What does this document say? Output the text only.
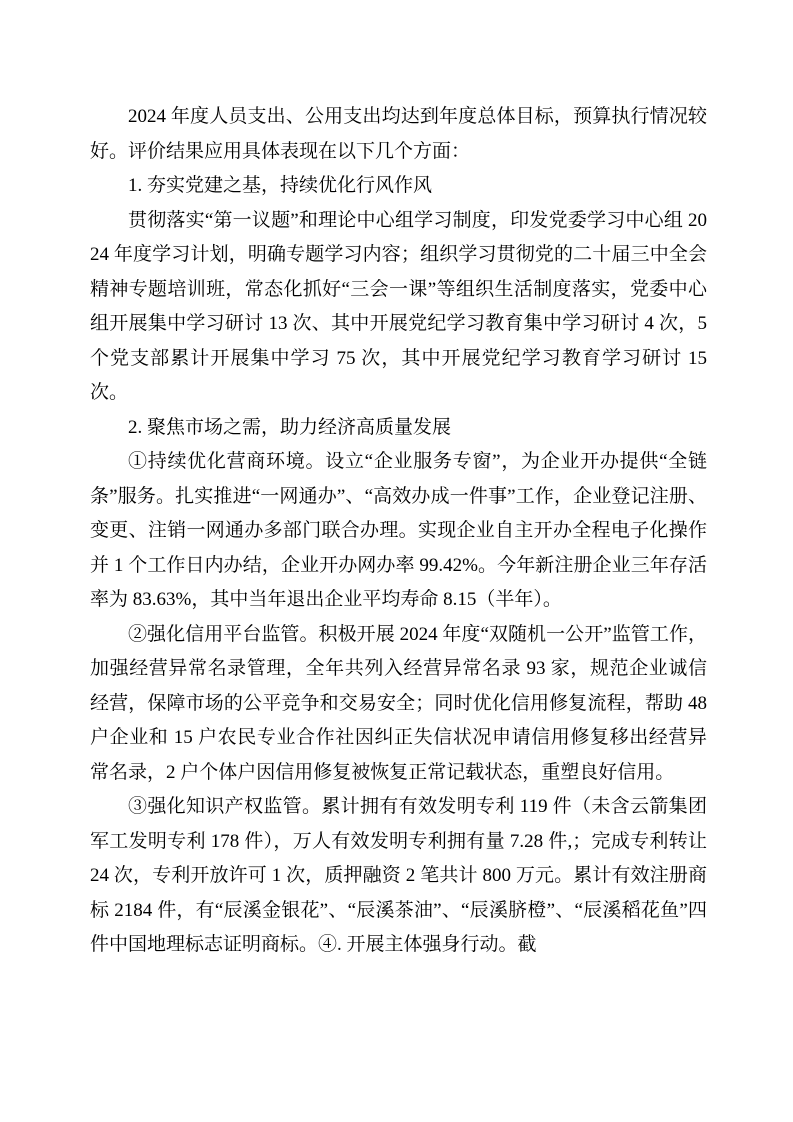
2024 年度人员支出、公用支出均达到年度总体目标，预算执行情况较好。评价结果应用具体表现在以下几个方面：

1. 夯实党建之基，持续优化行风作风

贯彻落实“第一议题”和理论中心组学习制度，印发党委学习中心组 2024 年度学习计划，明确专题学习内容；组织学习贯彻党的二十届三中全会精神专题培训班，常态化抓好“三会一课”等组织生活制度落实，党委中心组开展集中学习研讨 13 次、其中开展党纪学习教育集中学习研讨 4 次，5 个党支部累计开展集中学习 75 次，其中开展党纪学习教育学习研讨 15 次。

2. 聚焦市场之需，助力经济高质量发展

①持续优化营商环境。设立“企业服务专窗”，为企业开办提供“全链条”服务。扎实推进“一网通办”、“高效办成一件事”工作，企业登记注册、变更、注销一网通办多部门联合办理。实现企业自主开办全程电子化操作并 1 个工作日内办结，企业开办网办率 99.42%。今年新注册企业三年存活率为 83.63%，其中当年退出企业平均寿命 8.15（半年）。

②强化信用平台监管。积极开展 2024 年度“双随机一公开”监管工作，加强经营异常名录管理，全年共列入经营异常名录 93 家，规范企业诚信经营，保障市场的公平竞争和交易安全；同时优化信用修复流程，帮助 48 户企业和 15 户农民专业合作社因纠正失信状况申请信用修复移出经营异常名录，2 户个体户因信用修复被恢复正常记载状态，重塑良好信用。

③强化知识产权监管。累计拥有有效发明专利 119 件（未含云箭集团军工发明专利 178 件），万人有效发明专利拥有量 7.28 件,；完成专利转让 24 次，专利开放许可 1 次，质押融资 2 笔共计 800 万元。累计有效注册商标 2184 件，有“辰溪金银花”、“辰溪茶油”、“辰溪脐橙”、“辰溪稻花鱼”四件中国地理标志证明商标。④. 开展主体强身行动。截
